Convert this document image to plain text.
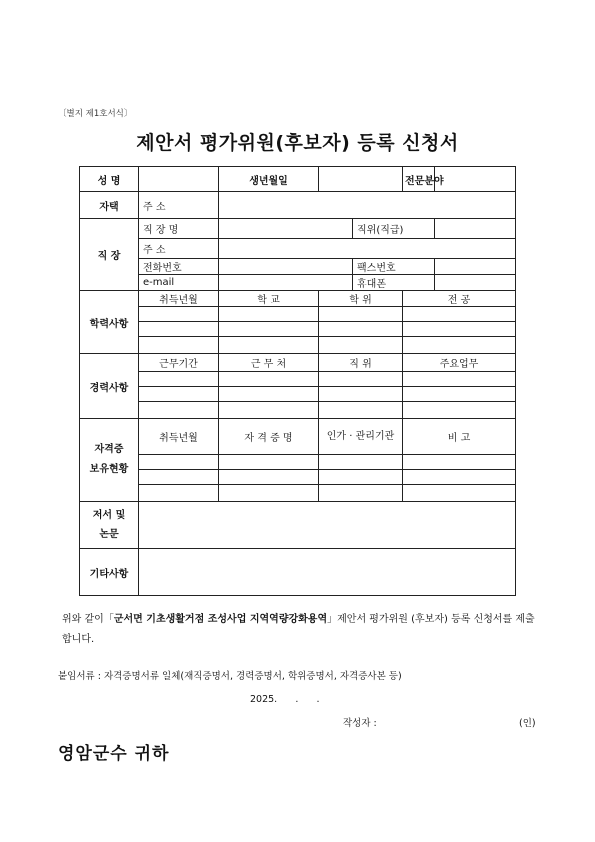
〔별지 제1호서식〕
제안서 평가위원(후보자) 등록 신청서
성 명		생년월일			전문분야	
자택	주 소					
직 장	직 장 명			직위(직급)		
	주 소					
	전화번호			팩스번호		
	e-mail			휴대폰		
학력사항	취득년월	학 교	학 위		전 공	

경력사항	근무기간	근 무 처	직 위		주요업무	

자격증
보유현황	취득년월	자 격 증 명	인가 · 관리기관		비 고	

저서 및
논문						
기타사항						
위와 같이「군서면 기초생활거점 조성사업 지역역량강화용역」제안서 평가위원 (후보자) 등록 신청서를 제출합니다.
붙임서류 : 자격증명서류 일체(재직증명서, 경력증명서, 학위증명서, 자격증사본 등)
2025.      .      .
작성자 :	(인)
영암군수 귀하
